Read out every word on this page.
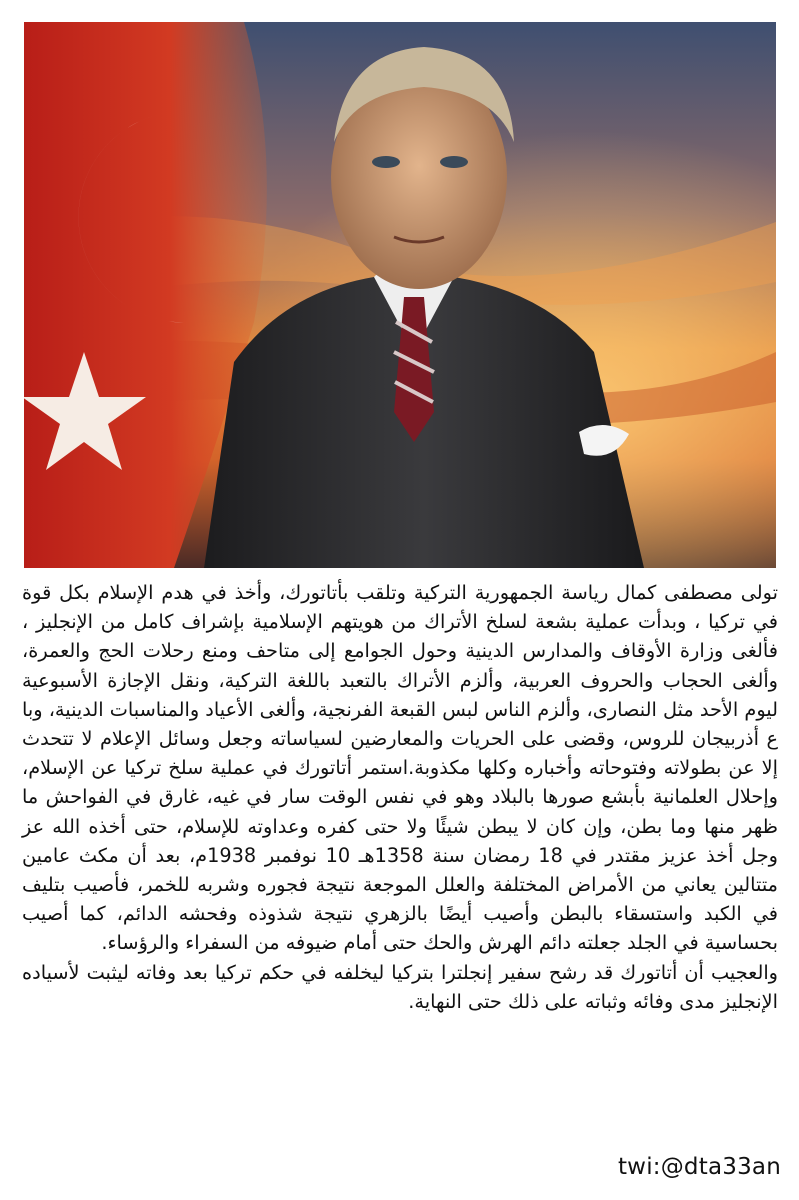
تولى مصطفى كمال رياسة الجمهورية التركية وتلقب بأتاتورك، وأخذ في هدم الإسلام بكل قوة في تركيا ، وبدأت عملية بشعة لسلخ الأتراك من هويتهم الإسلامية بإشراف كامل من الإنجليز ، فألغى وزارة الأوقاف والمدارس الدينية وحول الجوامع إلى متاحف ومنع رحلات الحج والعمرة، وألغى الحجاب والحروف العربية، وألزم الأتراك بالتعبد باللغة التركية، ونقل الإجازة الأسبوعية ليوم الأحد مثل النصارى، وألزم الناس لبس القبعة الفرنجية، وألغى الأعياد والمناسبات الدينية، وبا ع أذربيجان للروس، وقضى على الحريات والمعارضين لسياساته وجعل وسائل الإعلام لا تتحدث إلا عن بطولاته وفتوحاته وأخباره وكلها مكذوبة.استمر أتاتورك في عملية سلخ تركيا عن الإسلام، وإحلال العلمانية بأبشع صورها بالبلاد وهو في نفس الوقت سار في غيه، غارق في الفواحش ما ظهر منها وما بطن، وإن كان لا يبطن شيئًا ولا حتى كفره وعداوته للإسلام، حتى أخذه الله عز وجل أخذ عزيز مقتدر في 18 رمضان سنة 1358هـ 10 نوفمبر 1938م، بعد أن مكث عامين متتالين يعاني من الأمراض المختلفة والعلل الموجعة نتيجة فجوره وشربه للخمر، فأصيب بتليف في الكبد واستسقاء بالبطن وأصيب أيضًا بالزهري نتيجة شذوذه وفحشه الدائم، كما أصيب بحساسية في الجلد جعلته دائم الهرش والحك حتى أمام ضيوفه من السفراء والرؤساء.

والعجيب أن أتاتورك قد رشح سفير إنجلترا بتركيا ليخلفه في حكم تركيا بعد وفاته ليثبت لأسياده الإنجليز مدى وفائه وثباته على ذلك حتى النهاية.

twi:@dta33an
